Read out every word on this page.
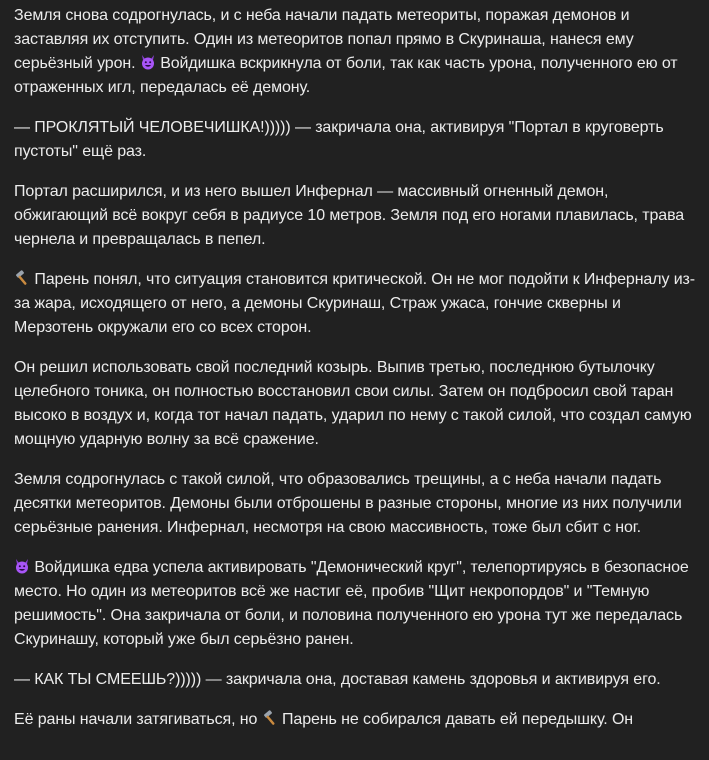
Земля снова содрогнулась, и с неба начали падать метеориты, поражая демонов и заставляя их отступить. Один из метеоритов попал прямо в Скуринаша, нанеся ему серьёзный урон.  Войдишка вскрикнула от боли, так как часть урона, полученного ею от отраженных игл, передалась её демону.

— ПРОКЛЯТЫЙ ЧЕЛОВЕЧИШКА!))))) — закричала она, активируя "Портал в круговерть пустоты" ещё раз.

Портал расширился, и из него вышел Инфернал — массивный огненный демон, обжигающий всё вокруг себя в радиусе 10 метров. Земля под его ногами плавилась, трава чернела и превращалась в пепел.

Парень понял, что ситуация становится критической. Он не мог подойти к Инферналу из-за жара, исходящего от него, а демоны Скуринаш, Страж ужаса, гончие скверны и Мерзотень окружали его со всех сторон.

Он решил использовать свой последний козырь. Выпив третью, последнюю бутылочку целебного тоника, он полностью восстановил свои силы. Затем он подбросил свой таран высоко в воздух и, когда тот начал падать, ударил по нему с такой силой, что создал самую мощную ударную волну за всё сражение.

Земля содрогнулась с такой силой, что образовались трещины, а с неба начали падать десятки метеоритов. Демоны были отброшены в разные стороны, многие из них получили серьёзные ранения. Инфернал, несмотря на свою массивность, тоже был сбит с ног.

Войдишка едва успела активировать "Демонический круг", телепортируясь в безопасное место. Но один из метеоритов всё же настиг её, пробив "Щит некропордов" и "Темную решимость". Она закричала от боли, и половина полученного ею урона тут же передалась Скуринашу, который уже был серьёзно ранен.

— КАК ТЫ СМЕЕШЬ?))))) — закричала она, доставая камень здоровья и активируя его.

Её раны начали затягиваться, но  Парень не собирался давать ей передышку. Он
